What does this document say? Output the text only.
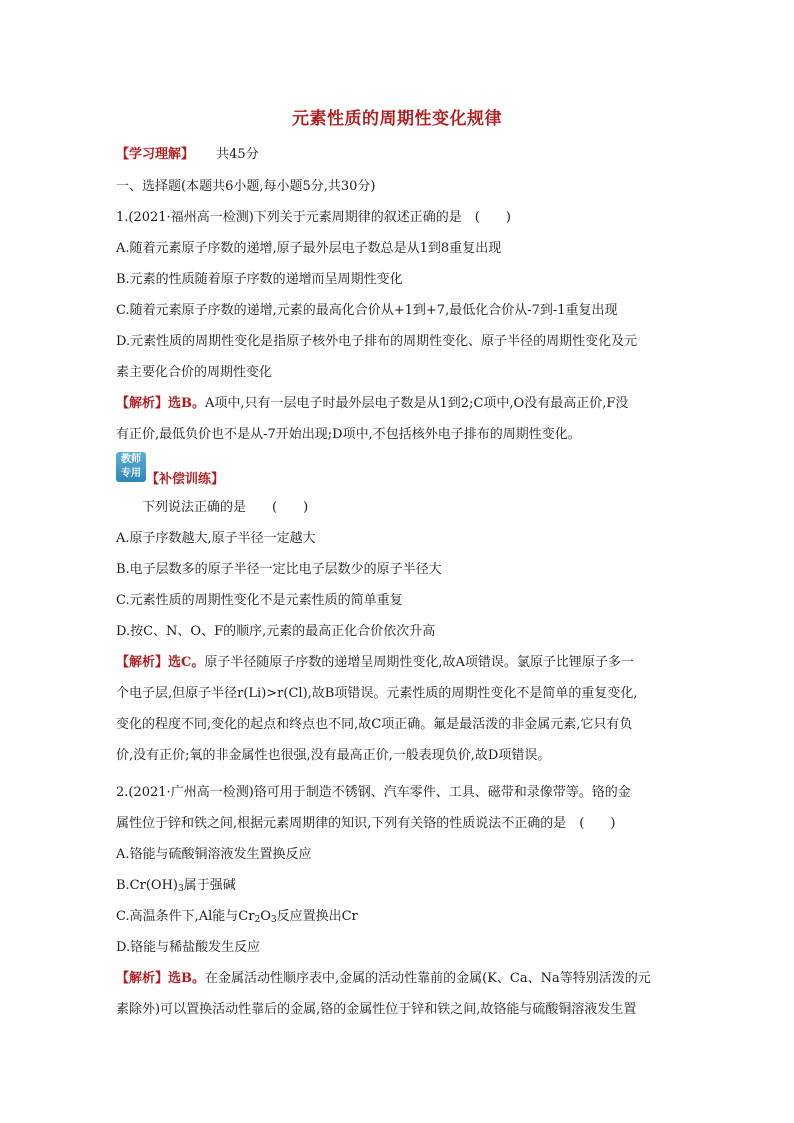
元素性质的周期性变化规律
【学习理解】 共45分
一、选择题(本题共6小题,每小题5分,共30分)
1.(2021·福州高一检测)下列关于元素周期律的叙述正确的是　(　　)
A.随着元素原子序数的递增,原子最外层电子数总是从1到8重复出现
B.元素的性质随着原子序数的递增而呈周期性变化
C.随着元素原子序数的递增,元素的最高化合价从+1到+7,最低化合价从-7到-1重复出现
D.元素性质的周期性变化是指原子核外电子排布的周期性变化、原子半径的周期性变化及元
素主要化合价的周期性变化
【解析】选B。A项中,只有一层电子时最外层电子数是从1到2;C项中,O没有最高正价,F没
有正价,最低负价也不是从-7开始出现;D项中,不包括核外电子排布的周期性变化。
教师
专用 【补偿训练】
下列说法正确的是　　(　　)
A.原子序数越大,原子半径一定越大
B.电子层数多的原子半径一定比电子层数少的原子半径大
C.元素性质的周期性变化不是元素性质的简单重复
D.按C、N、O、F的顺序,元素的最高正化合价依次升高
【解析】选C。原子半径随原子序数的递增呈周期性变化,故A项错误。氯原子比锂原子多一
个电子层,但原子半径r(Li)>r(Cl),故B项错误。元素性质的周期性变化不是简单的重复变化,
变化的程度不同,变化的起点和终点也不同,故C项正确。氟是最活泼的非金属元素,它只有负
价,没有正价;氧的非金属性也很强,没有最高正价,一般表现负价,故D项错误。
2.(2021·广州高一检测)铬可用于制造不锈钢、汽车零件、工具、磁带和录像带等。铬的金
属性位于锌和铁之间,根据元素周期律的知识,下列有关铬的性质说法不正确的是　(　　)
A.铬能与硫酸铜溶液发生置换反应
$B.Cr(OH)_3$属于强碱
C.高温条件下,Al能与$Cr_2O_3$反应置换出Cr
D.铬能与稀盐酸发生反应
【解析】选B。在金属活动性顺序表中,金属的活动性靠前的金属(K、Ca、Na等特别活泼的元
素除外)可以置换活动性靠后的金属,铬的金属性位于锌和铁之间,故铬能与硫酸铜溶液发生置
